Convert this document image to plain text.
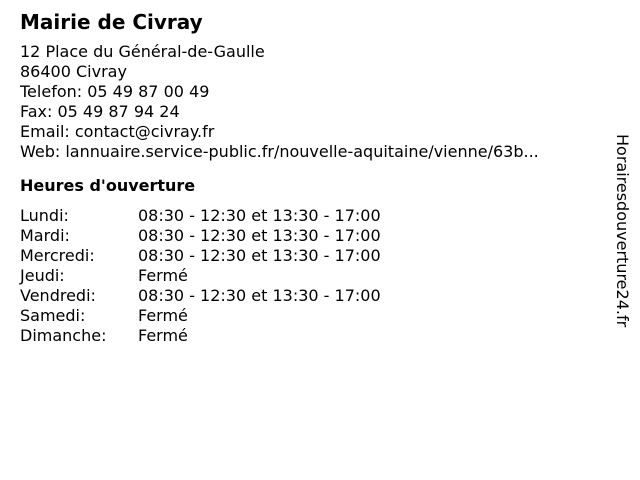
Mairie de Civray
12 Place du Général-de-Gaulle
86400 Civray
Telefon: 05 49 87 00 49
Fax: 05 49 87 94 24
Email: contact@civray.fr
Web: lannuaire.service-public.fr/nouvelle-aquitaine/vienne/63b...
Heures d'ouverture
Lundi:	08:30 - 12:30 et 13:30 - 17:00
Mardi:	08:30 - 12:30 et 13:30 - 17:00
Mercredi:	08:30 - 12:30 et 13:30 - 17:00
Jeudi:	Fermé
Vendredi:	08:30 - 12:30 et 13:30 - 17:00
Samedi:	Fermé
Dimanche:	Fermé
Horairesdouverture24.fr
